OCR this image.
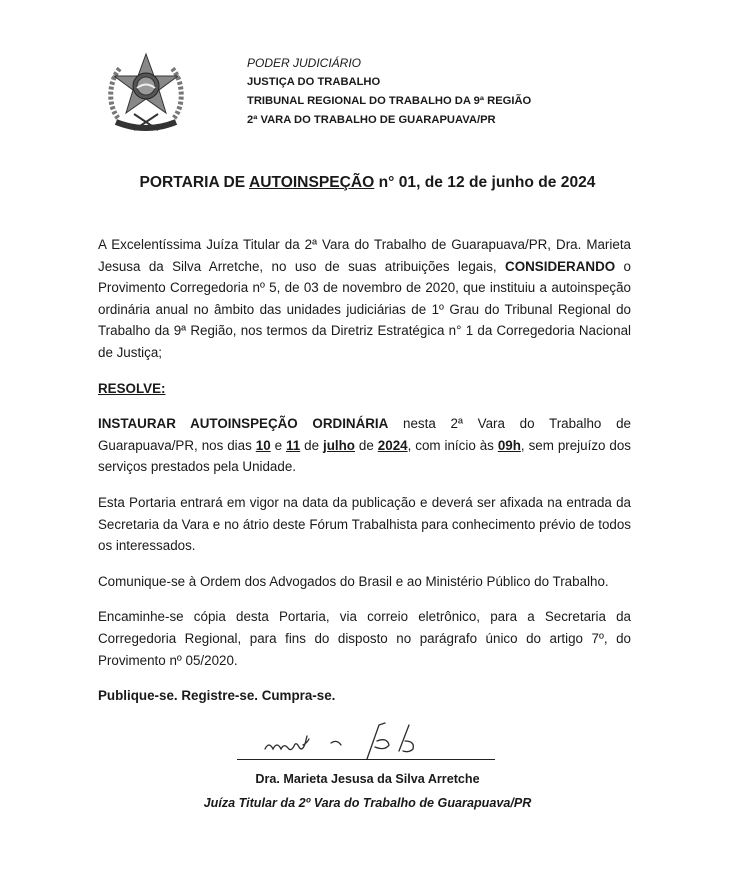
PODER JUDICIÁRIO
JUSTIÇA DO TRABALHO
TRIBUNAL REGIONAL DO TRABALHO DA 9ª REGIÃO
2ª VARA DO TRABALHO DE GUARAPUAVA/PR
PORTARIA DE AUTOINSPEÇÃO n° 01, de 12 de junho de 2024

A Excelentíssima Juíza Titular da 2ª Vara do Trabalho de Guarapuava/PR, Dra. Marieta Jesusa da Silva Arretche, no uso de suas atribuições legais, CONSIDERANDO o Provimento Corregedoria nº 5, de 03 de novembro de 2020, que instituiu a autoinspeção ordinária anual no âmbito das unidades judiciárias de 1º Grau do Tribunal Regional do Trabalho da 9ª Região, nos termos da Diretriz Estratégica n° 1 da Corregedoria Nacional de Justiça;

RESOLVE:

INSTAURAR AUTOINSPEÇÃO ORDINÁRIA nesta 2ª Vara do Trabalho de Guarapuava/PR, nos dias 10 e 11 de julho de 2024, com início às 09h, sem prejuízo dos serviços prestados pela Unidade.

Esta Portaria entrará em vigor na data da publicação e deverá ser afixada na entrada da Secretaria da Vara e no átrio deste Fórum Trabalhista para conhecimento prévio de todos os interessados.

Comunique-se à Ordem dos Advogados do Brasil e ao Ministério Público do Trabalho.

Encaminhe-se cópia desta Portaria, via correio eletrônico, para a Secretaria da Corregedoria Regional, para fins do disposto no parágrafo único do artigo 7º, do Provimento nº 05/2020.

Publique-se. Registre-se. Cumpra-se.

Dra. Marieta Jesusa da Silva Arretche
Juíza Titular da 2º Vara do Trabalho de Guarapuava/PR
